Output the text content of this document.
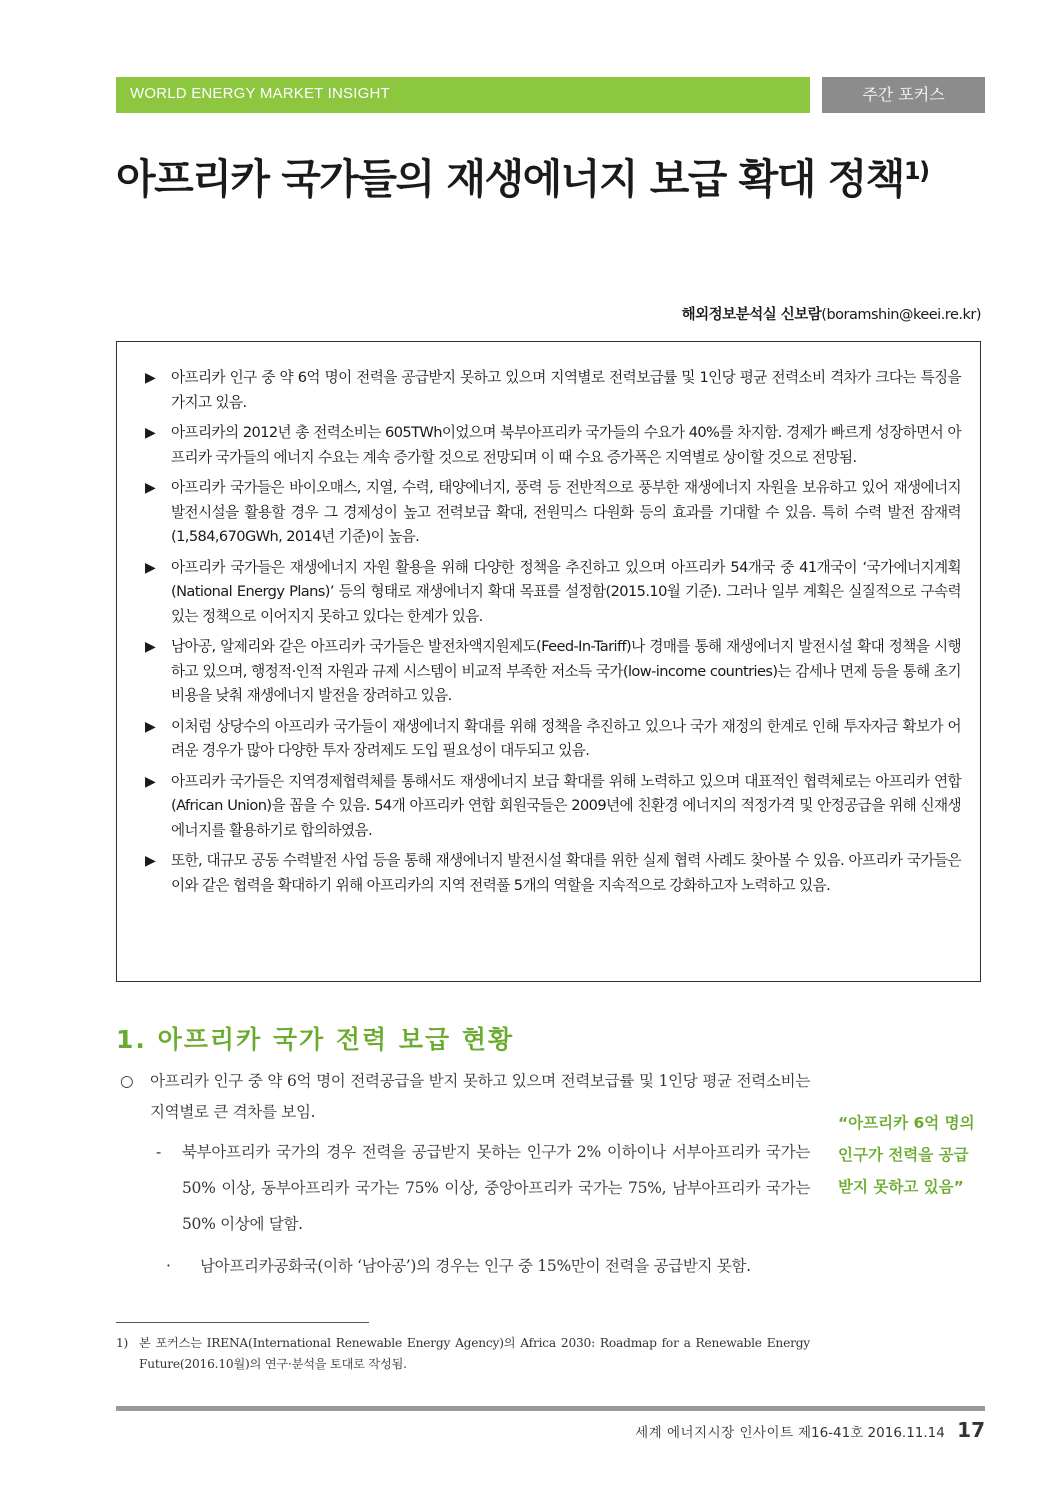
WORLD ENERGY MARKET INSIGHT	주간 포커스
아프리카 국가들의 재생에너지 보급 확대 정책$^{1)}$
해외정보분석실 신보람(boramshin@keei.re.kr)
▶ 아프리카 인구 중 약 6억 명이 전력을 공급받지 못하고 있으며 지역별로 전력보급률 및 1인당 평균 전력소비 격차가 크다는 특징을 가지고 있음.
▶ 아프리카의 2012년 총 전력소비는 605TWh이었으며 북부아프리카 국가들의 수요가 40%를 차지함. 경제가 빠르게 성장하면서 아프리카 국가들의 에너지 수요는 계속 증가할 것으로 전망되며 이 때 수요 증가폭은 지역별로 상이할 것으로 전망됨.
▶ 아프리카 국가들은 바이오매스, 지열, 수력, 태양에너지, 풍력 등 전반적으로 풍부한 재생에너지 자원을 보유하고 있어 재생에너지 발전시설을 활용할 경우 그 경제성이 높고 전력보급 확대, 전원믹스 다원화 등의 효과를 기대할 수 있음. 특히 수력 발전 잠재력(1,584,670GWh, 2014년 기준)이 높음.
▶ 아프리카 국가들은 재생에너지 자원 활용을 위해 다양한 정책을 추진하고 있으며 아프리카 54개국 중 41개국이 ‘국가에너지계획(National Energy Plans)’ 등의 형태로 재생에너지 확대 목표를 설정함(2015.10월 기준). 그러나 일부 계획은 실질적으로 구속력 있는 정책으로 이어지지 못하고 있다는 한계가 있음.
▶ 남아공, 알제리와 같은 아프리카 국가들은 발전차액지원제도(Feed-In-Tariff)나 경매를 통해 재생에너지 발전시설 확대 정책을 시행하고 있으며, 행정적·인적 자원과 규제 시스템이 비교적 부족한 저소득 국가(low-income countries)는 감세나 면제 등을 통해 초기비용을 낮춰 재생에너지 발전을 장려하고 있음.
▶ 이처럼 상당수의 아프리카 국가들이 재생에너지 확대를 위해 정책을 추진하고 있으나 국가 재정의 한계로 인해 투자자금 확보가 어려운 경우가 많아 다양한 투자 장려제도 도입 필요성이 대두되고 있음.
▶ 아프리카 국가들은 지역경제협력체를 통해서도 재생에너지 보급 확대를 위해 노력하고 있으며 대표적인 협력체로는 아프리카 연합(African Union)을 꼽을 수 있음. 54개 아프리카 연합 회원국들은 2009년에 친환경 에너지의 적정가격 및 안정공급을 위해 신재생에너지를 활용하기로 합의하였음.
▶ 또한, 대규모 공동 수력발전 사업 등을 통해 재생에너지 발전시설 확대를 위한 실제 협력 사례도 찾아볼 수 있음. 아프리카 국가들은 이와 같은 협력을 확대하기 위해 아프리카의 지역 전력풀 5개의 역할을 지속적으로 강화하고자 노력하고 있음.
1. 아프리카 국가 전력 보급 현황
○ 아프리카 인구 중 약 6억 명이 전력공급을 받지 못하고 있으며 전력보급률 및 1인당 평균 전력소비는 지역별로 큰 격차를 보임.
- 북부아프리카 국가의 경우 전력을 공급받지 못하는 인구가 2% 이하이나 서부아프리카 국가는 50% 이상, 동부아프리카 국가는 75% 이상, 중앙아프리카 국가는 75%, 남부아프리카 국가는 50% 이상에 달함.
· 남아프리카공화국(이하 ‘남아공’)의 경우는 인구 중 15%만이 전력을 공급받지 못함.
“아프리카 6억 명의 인구가 전력을 공급 받지 못하고 있음”
1) 본 포커스는 IRENA(International Renewable Energy Agency)의 Africa 2030: Roadmap for a Renewable Energy Future(2016.10월)의 연구·분석을 토대로 작성됨.
세계 에너지시장 인사이트 제16-41호 2016.11.14 17
